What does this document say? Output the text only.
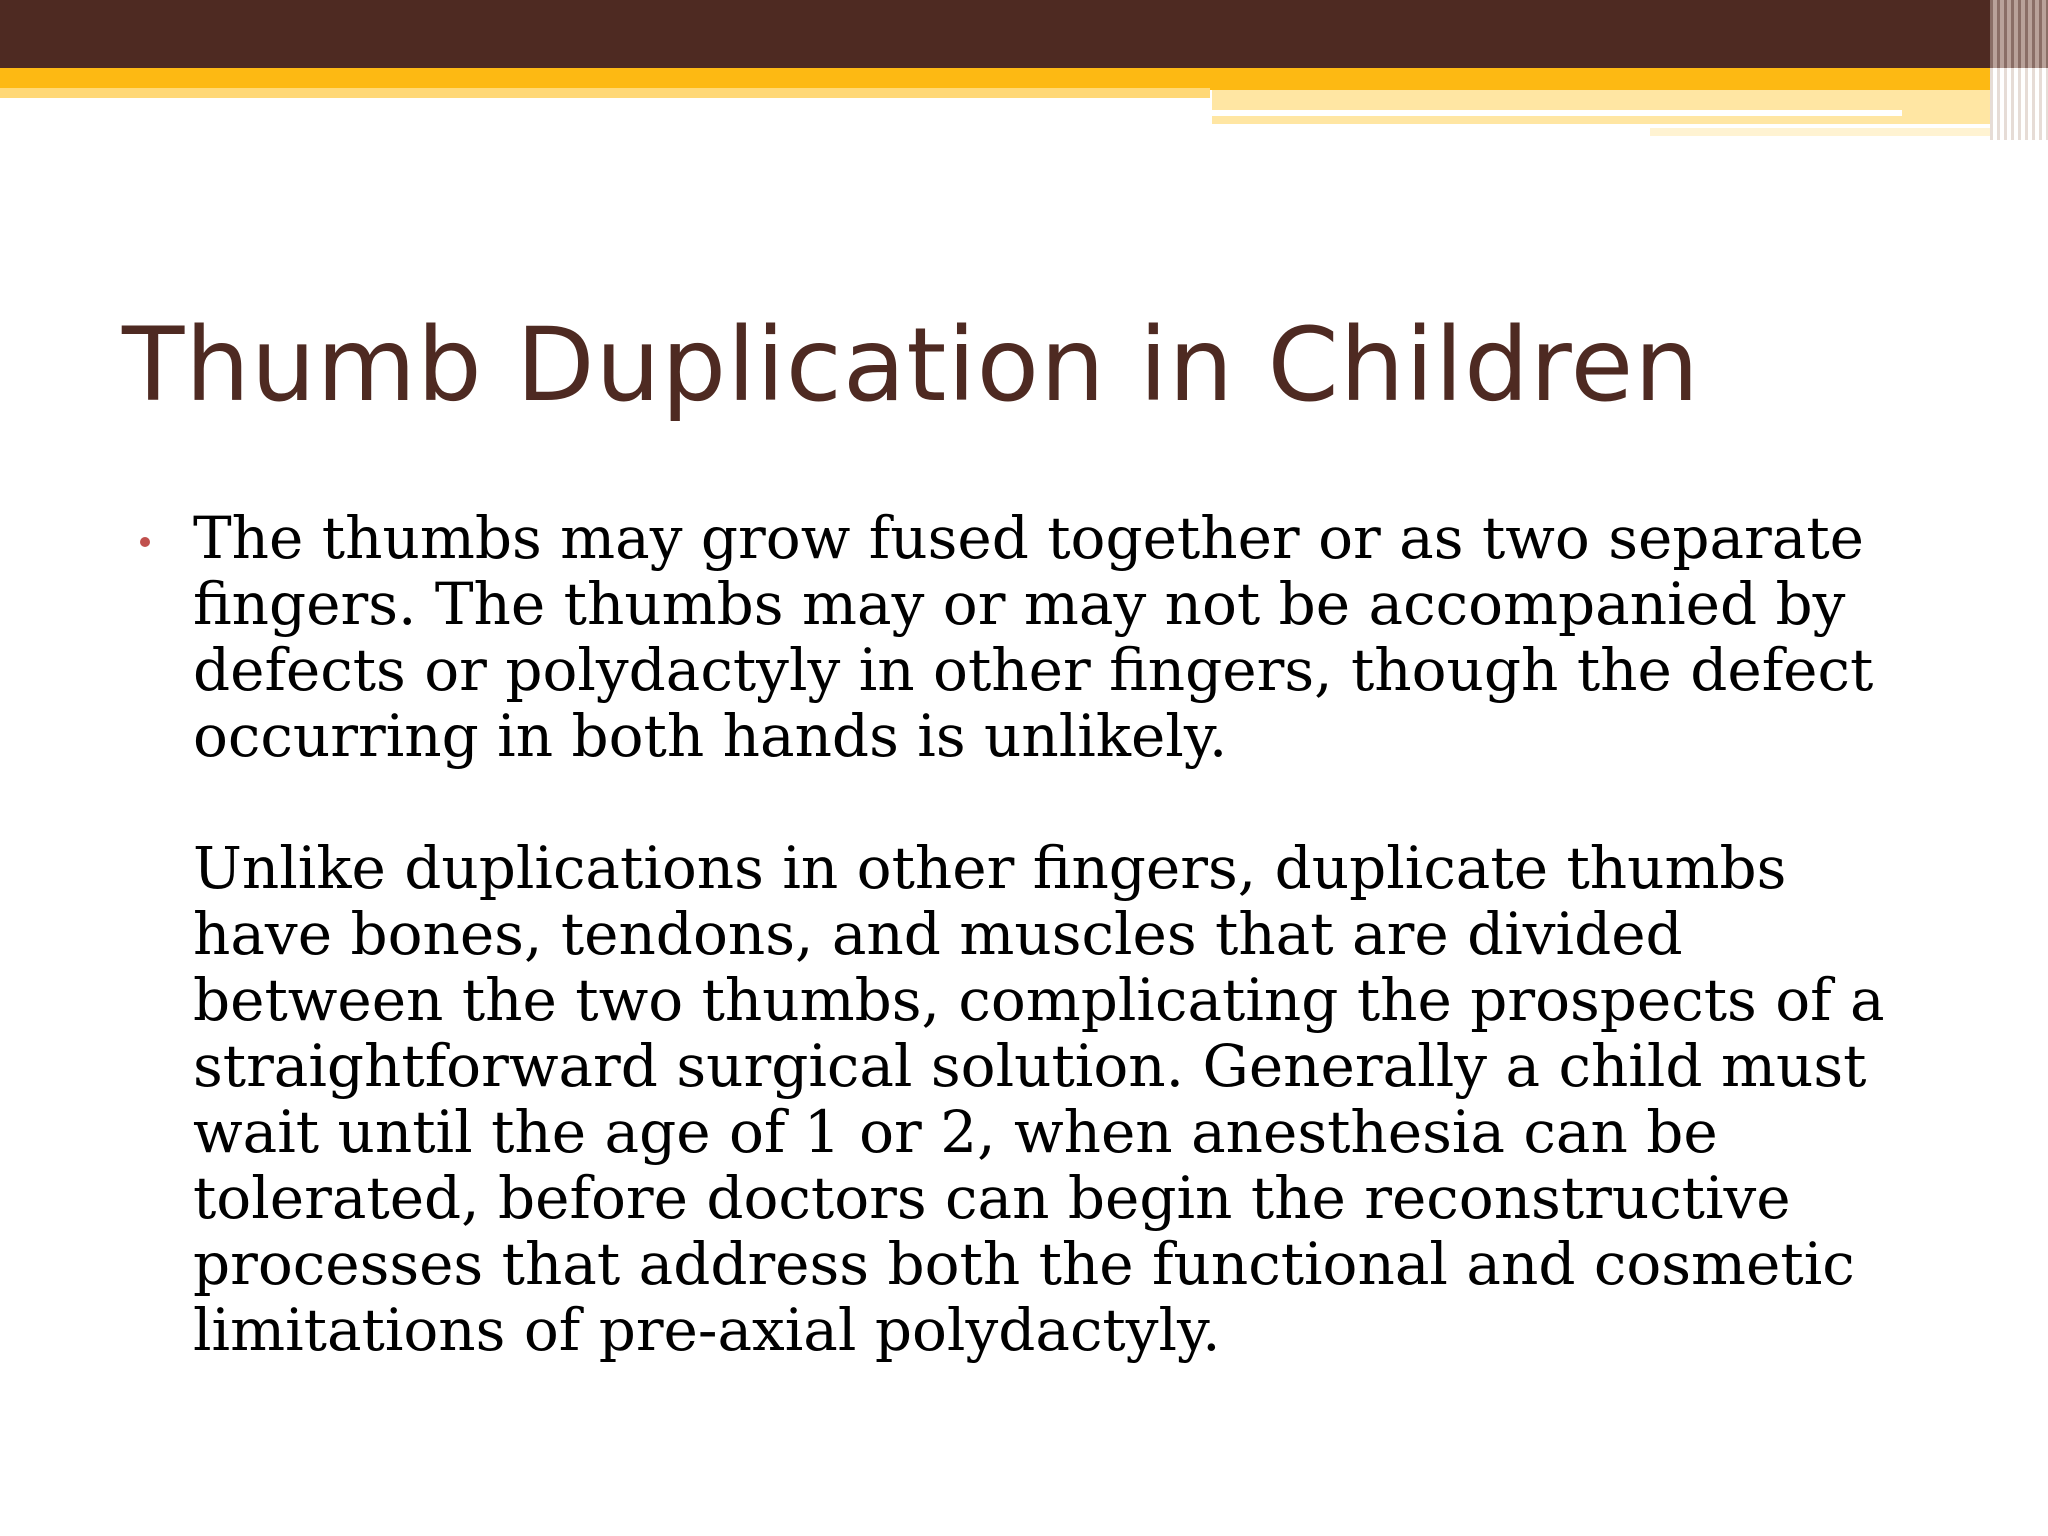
Thumb Duplication in Children

The thumbs may grow fused together or as two separate fingers. The thumbs may or may not be accompanied by defects or polydactyly in other fingers, though the defect occurring in both hands is unlikely.

Unlike duplications in other fingers, duplicate thumbs have bones, tendons, and muscles that are divided between the two thumbs, complicating the prospects of a straightforward surgical solution. Generally a child must wait until the age of 1 or 2, when anesthesia can be tolerated, before doctors can begin the reconstructive processes that address both the functional and cosmetic limitations of pre-axial polydactyly.
